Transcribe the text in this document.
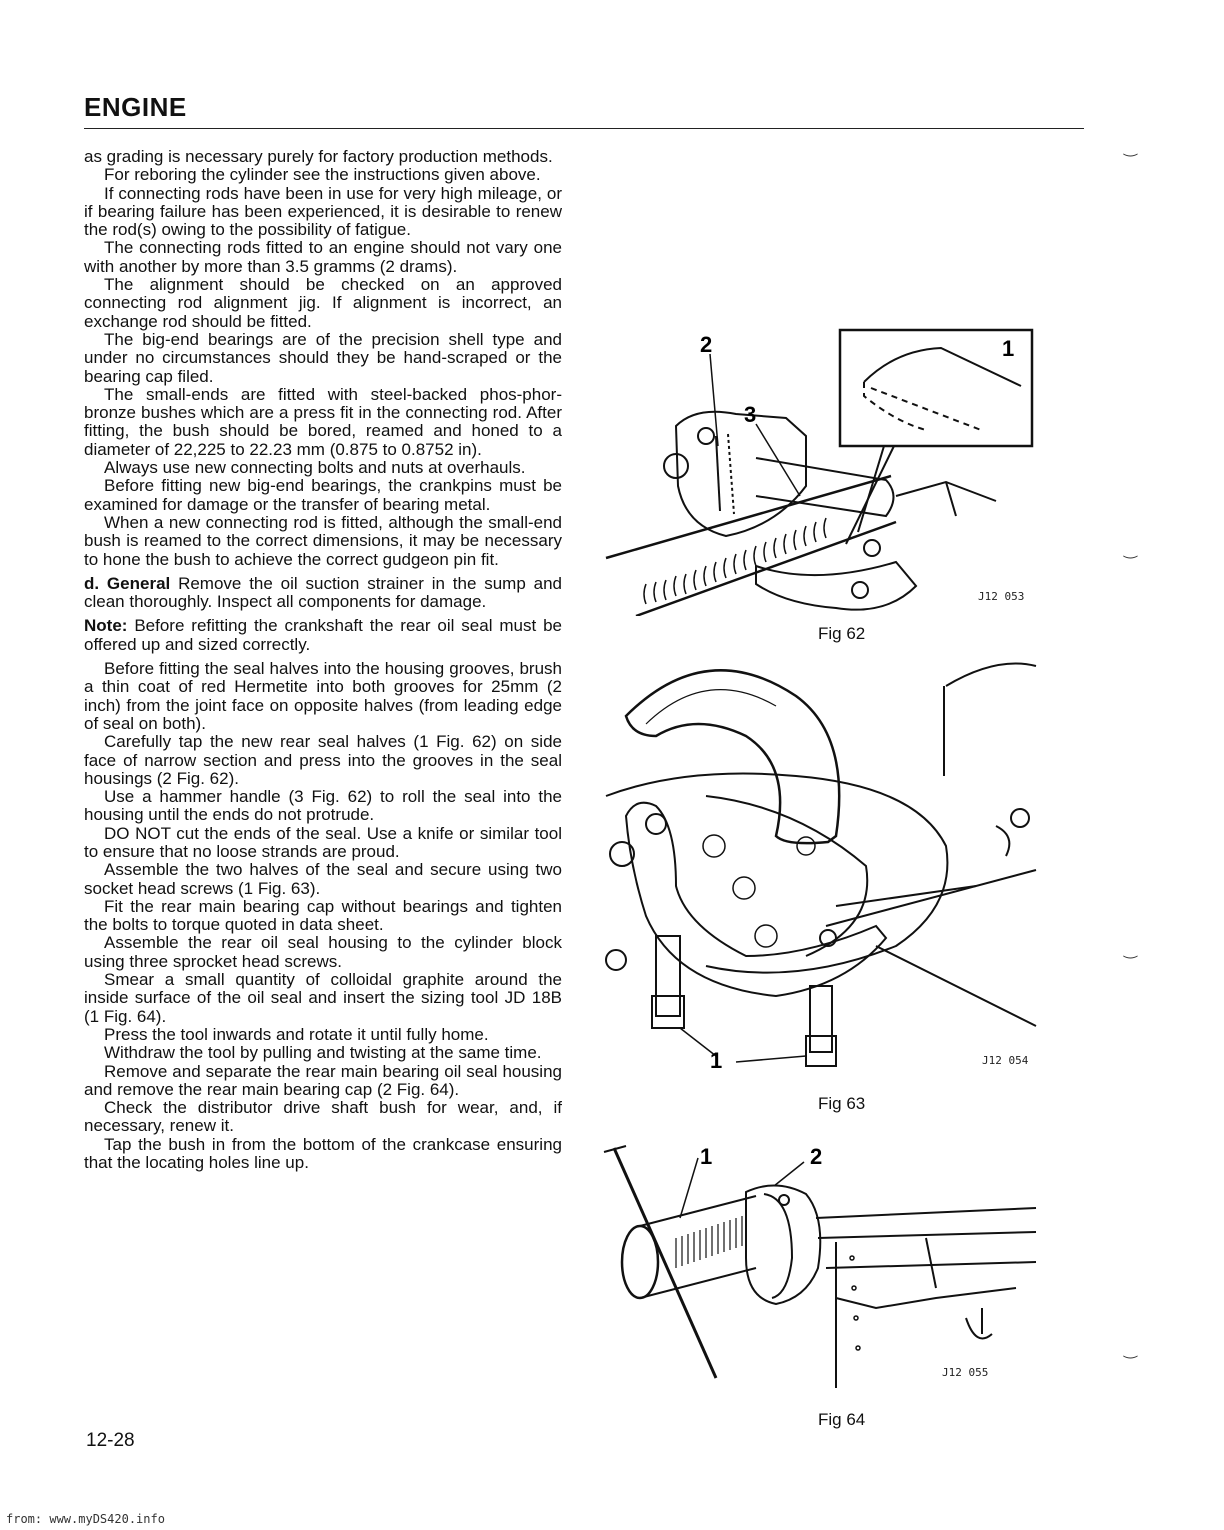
ENGINE

as grading is necessary purely for factory production methods.

For reboring the cylinder see the instructions given above.

If connecting rods have been in use for very high mileage, or if bearing failure has been experienced, it is desirable to renew the rod(s) owing to the possibility of fatigue.

The connecting rods fitted to an engine should not vary one with another by more than 3.5 gramms (2 drams).

The alignment should be checked on an approved connecting rod alignment jig. If alignment is incorrect, an exchange rod should be fitted.

The big-end bearings are of the precision shell type and under no circumstances should they be hand-scraped or the bearing cap filed.

The small-ends are fitted with steel-backed phos-phor-bronze bushes which are a press fit in the connecting rod. After fitting, the bush should be bored, reamed and honed to a diameter of 22,225 to 22.23 mm (0.875 to 0.8752 in).

Always use new connecting bolts and nuts at overhauls.

Before fitting new big-end bearings, the crankpins must be examined for damage or the transfer of bearing metal.

When a new connecting rod is fitted, although the small-end bush is reamed to the correct dimensions, it may be necessary to hone the bush to achieve the correct gudgeon pin fit.

d. General Remove the oil suction strainer in the sump and clean thoroughly. Inspect all components for damage.

Note: Before refitting the crankshaft the rear oil seal must be offered up and sized correctly.

Before fitting the seal halves into the housing grooves, brush a thin coat of red Hermetite into both grooves for 25mm (2 inch) from the joint face on opposite halves (from leading edge of seal on both).

Carefully tap the new rear seal halves (1 Fig. 62) on side face of narrow section and press into the grooves in the seal housings (2 Fig. 62).

Use a hammer handle (3 Fig. 62) to roll the seal into the housing until the ends do not protrude.

DO NOT cut the ends of the seal. Use a knife or similar tool to ensure that no loose strands are proud.

Assemble the two halves of the seal and secure using two socket head screws (1 Fig. 63).

Fit the rear main bearing cap without bearings and tighten the bolts to torque quoted in data sheet.

Assemble the rear oil seal housing to the cylinder block using three sprocket head screws.

Smear a small quantity of colloidal graphite around the inside surface of the oil seal and insert the sizing tool JD 18B (1 Fig. 64).

Press the tool inwards and rotate it until fully home.

Withdraw the tool by pulling and twisting at the same time.

Remove and separate the rear main bearing oil seal housing and remove the rear main bearing cap (2 Fig. 64).

Check the distributor drive shaft bush for wear, and, if necessary, renew it.

Tap the bush in from the bottom of the crankcase ensuring that the locating holes line up.

2
3
1
J12 053
Fig 62
1	J12 054
Fig 63
1	2
J12 055
Fig 64
‿
‿
‿
‿
12-28
from: www.myDS420.info
